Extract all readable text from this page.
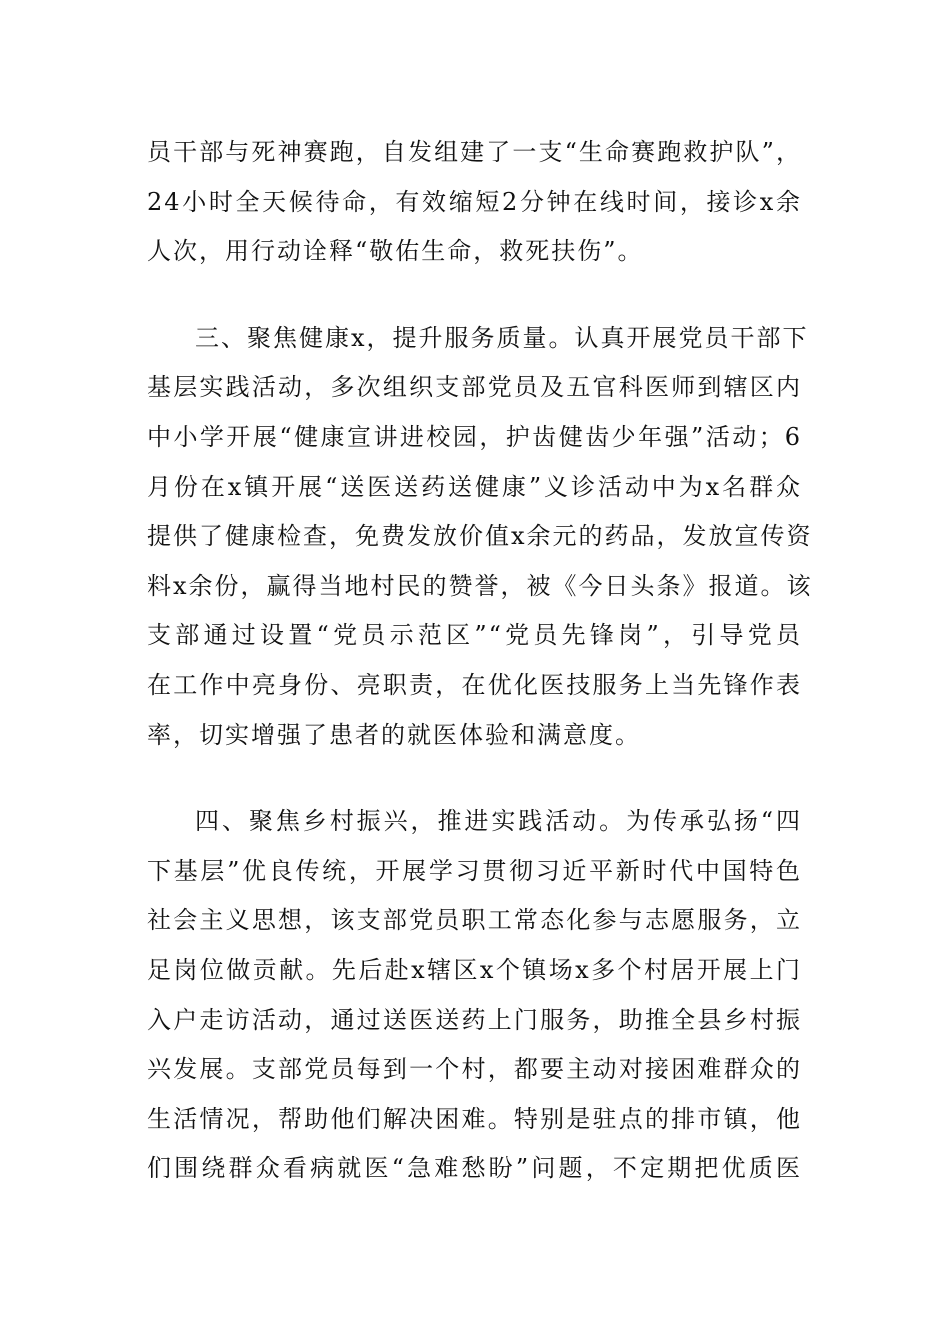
员干部与死神赛跑，自发组建了一支“生命赛跑救护队”，
24小时全天候待命，有效缩短2分钟在线时间，接诊x余
人次，用行动诠释“敬佑生命，救死扶伤”。
三、聚焦健康x，提升服务质量。认真开展党员干部下
基层实践活动，多次组织支部党员及五官科医师到辖区内
中小学开展“健康宣讲进校园，护齿健齿少年强”活动；6
月份在x镇开展“送医送药送健康”义诊活动中为x名群众
提供了健康检查，免费发放价值x余元的药品，发放宣传资
料x余份，赢得当地村民的赞誉，被《今日头条》报道。该
支部通过设置“党员示范区”“党员先锋岗”，引导党员
在工作中亮身份、亮职责，在优化医技服务上当先锋作表
率，切实增强了患者的就医体验和满意度。
四、聚焦乡村振兴，推进实践活动。为传承弘扬“四
下基层”优良传统，开展学习贯彻习近平新时代中国特色
社会主义思想，该支部党员职工常态化参与志愿服务，立
足岗位做贡献。先后赴x辖区x个镇场x多个村居开展上门
入户走访活动，通过送医送药上门服务，助推全县乡村振
兴发展。支部党员每到一个村，都要主动对接困难群众的
生活情况，帮助他们解决困难。特别是驻点的排市镇，他
们围绕群众看病就医“急难愁盼”问题，不定期把优质医
